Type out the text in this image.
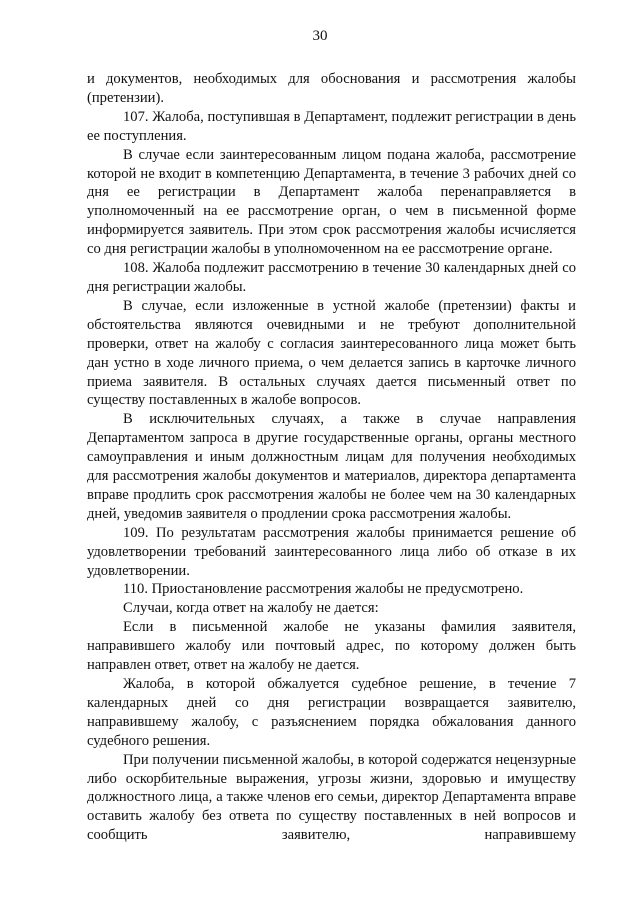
30

и документов, необходимых для обоснования и рассмотрения жалобы (претензии).

107. Жалоба, поступившая в Департамент, подлежит регистрации в день ее поступления.

В случае если заинтересованным лицом подана жалоба, рассмотрение которой не входит в компетенцию Департамента, в течение 3 рабочих дней со дня ее регистрации в Департамент жалоба перенаправляется в уполномоченный на ее рассмотрение орган, о чем в письменной форме информируется заявитель. При этом срок рассмотрения жалобы исчисляется со дня регистрации жалобы в уполномоченном на ее рассмотрение органе.

108. Жалоба подлежит рассмотрению в течение 30 календарных дней со дня регистрации жалобы.

В случае, если изложенные в устной жалобе (претензии) факты и обстоятельства являются очевидными и не требуют дополнительной проверки, ответ на жалобу с согласия заинтересованного лица может быть дан устно в ходе личного приема, о чем делается запись в карточке личного приема заявителя. В остальных случаях дается письменный ответ по существу поставленных в жалобе вопросов.

В исключительных случаях, а также в случае направления Департаментом запроса в другие государственные органы, органы местного самоуправления и иным должностным лицам для получения необходимых для рассмотрения жалобы документов и материалов, директора департамента вправе продлить срок рассмотрения жалобы не более чем на 30 календарных дней, уведомив заявителя о продлении срока рассмотрения жалобы.

109. По результатам рассмотрения жалобы принимается решение об удовлетворении требований заинтересованного лица либо об отказе в их удовлетворении.

110. Приостановление рассмотрения жалобы не предусмотрено.

Случаи, когда ответ на жалобу не дается:

Если в письменной жалобе не указаны фамилия заявителя, направившего жалобу или почтовый адрес, по которому должен быть направлен ответ, ответ на жалобу не дается.

Жалоба, в которой обжалуется судебное решение, в течение 7 календарных дней со дня регистрации возвращается заявителю, направившему жалобу, с разъяснением порядка обжалования данного судебного решения.

При получении письменной жалобы, в которой содержатся нецензурные либо оскорбительные выражения, угрозы жизни, здоровью и имуществу должностного лица, а также членов его семьи, директор Департамента вправе оставить жалобу без ответа по существу поставленных в ней вопросов и сообщить заявителю, направившему
